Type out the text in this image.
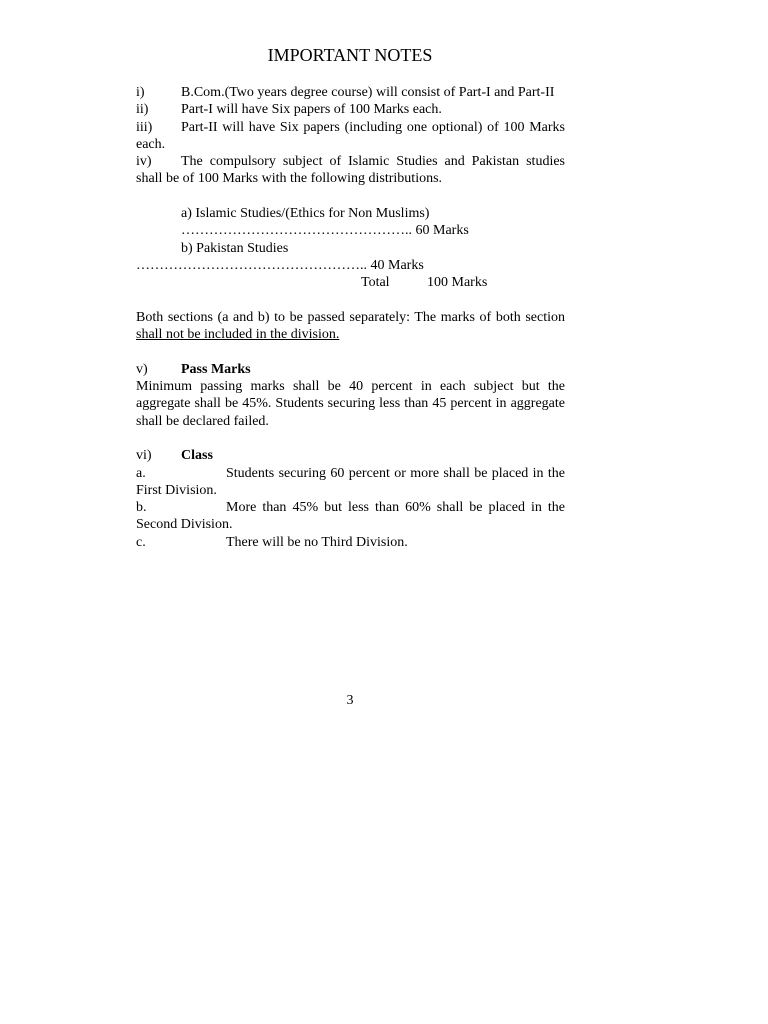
IMPORTANT NOTES
i)	B.Com.(Two years degree course) will consist of Part-I and Part-II
ii) Part-I will have Six papers of 100 Marks each.
iii) Part-II will have Six papers (including one optional) of 100 Marks each.
iv) The compulsory subject of Islamic Studies and Pakistan studies shall be of 100 Marks with the following distributions.
a) Islamic Studies/(Ethics for Non Muslims)
………………………………………….. 60 Marks
b) Pakistan Studies
………………………………………….. 40 Marks
Total	100 Marks
Both sections (a and b) to be passed separately: The marks of both section shall not be included in the division.
v) Pass Marks
Minimum passing marks shall be 40 percent in each subject but the aggregate shall be 45%. Students securing less than 45 percent in aggregate shall be declared failed.
vi) Class
a.	Students securing 60 percent or more shall be placed in the First Division.
b.	More than 45% but less than 60% shall be placed in the Second Division.
c.	There will be no Third Division.
3
